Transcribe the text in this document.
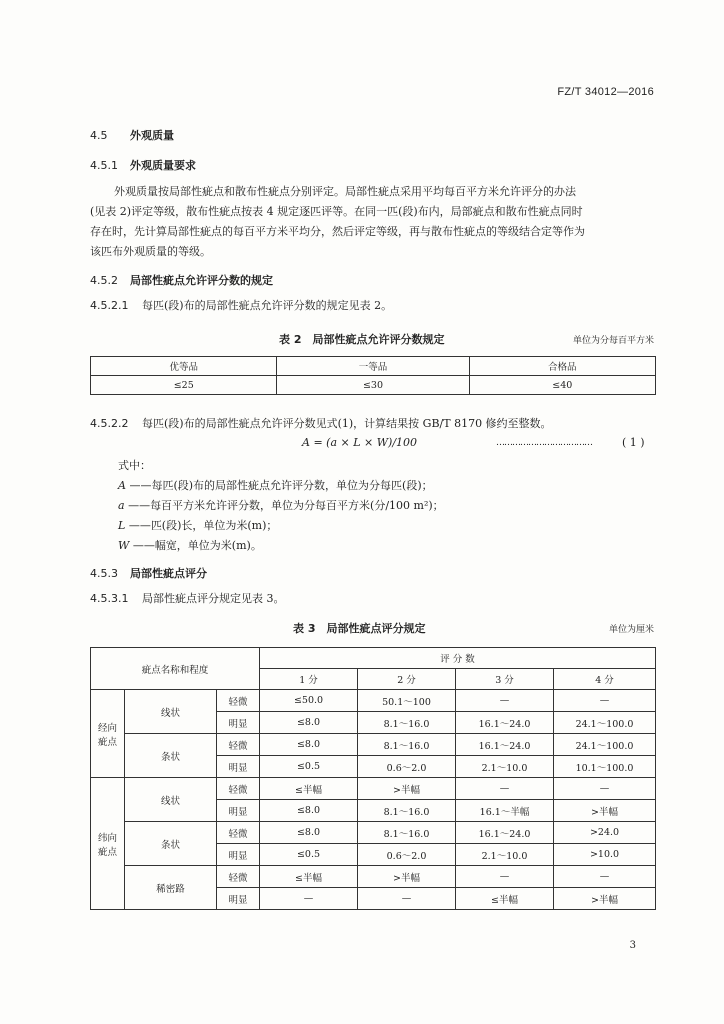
FZ/T 34012—2016
4.5 外观质量
4.5.1 外观质量要求
外观质量按局部性疵点和散布性疵点分别评定。局部性疵点采用平均每百平方米允许评分的办法
(见表 2)评定等级，散布性疵点按表 4 规定逐匹评等。在同一匹(段)布内，局部疵点和散布性疵点同时
存在时，先计算局部性疵点的每百平方米平均分，然后评定等级，再与散布性疵点的等级结合定等作为
该匹布外观质量的等级。
4.5.2 局部性疵点允许评分数的规定
4.5.2.1 每匹(段)布的局部性疵点允许评分数的规定见表 2。
表 2　局部性疵点允许评分数规定	单位为分每百平方米
优等品	一等品	合格品
≤25	≤30	≤40
4.5.2.2 每匹(段)布的局部性疵点允许评分数见式(1)，计算结果按 GB/T 8170 修约至整数。
A = (a × L × W)/100	………………………………	( 1 )
式中：
A ——每匹(段)布的局部性疵点允许评分数，单位为分每匹(段)；
a ——每百平方米允许评分数，单位为分每百平方米(分/100 m²)；
L ——匹(段)长，单位为米(m)；
W ——幅宽，单位为米(m)。
4.5.3 局部性疵点评分
4.5.3.1 局部性疵点评分规定见表 3。
表 3　局部性疵点评分规定	单位为厘米
疵点名称和程度			评 分 数			
			1 分	2 分	3 分	4 分
经向
疵点	线状	轻微	≤50.0	50.1～100	—	—
		明显	≤8.0	8.1～16.0	16.1～24.0	24.1～100.0
	条状	轻微	≤8.0	8.1～16.0	16.1～24.0	24.1～100.0
		明显	≤0.5	0.6～2.0	2.1～10.0	10.1～100.0
纬向
疵点	线状	轻微	≤半幅	>半幅	—	—
		明显	≤8.0	8.1～16.0	16.1～半幅	>半幅
	条状	轻微	≤8.0	8.1～16.0	16.1～24.0	>24.0
		明显	≤0.5	0.6～2.0	2.1～10.0	>10.0
	稀密路	轻微	≤半幅	>半幅	—	—
		明显	—	—	≤半幅	>半幅
3
